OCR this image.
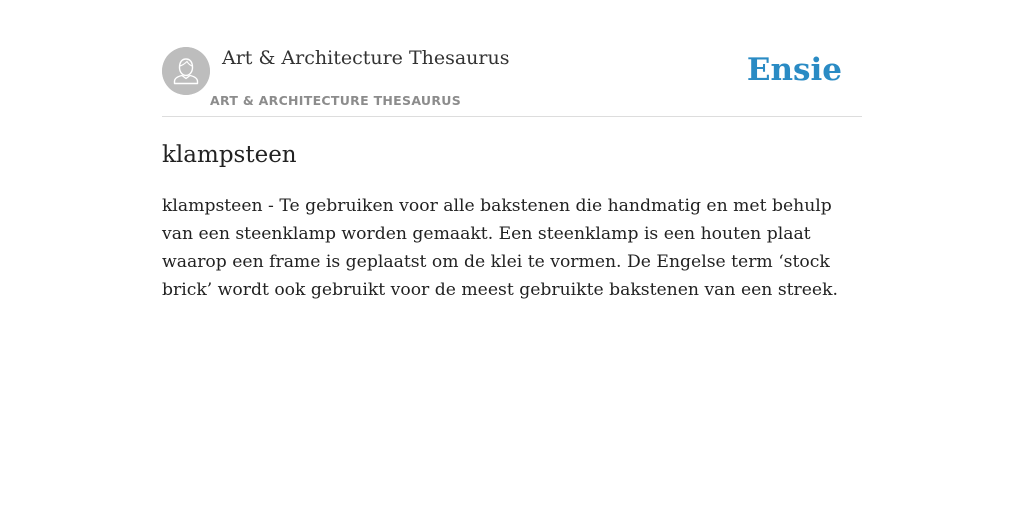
Art & Architecture Thesaurus
ART & ARCHITECTURE THESAURUS
Ensie
klampsteen

klampsteen - Te gebruiken voor alle bakstenen die handmatig en met behulp van een steenklamp worden gemaakt. Een steenklamp is een houten plaat waarop een frame is geplaatst om de klei te vormen. De Engelse term ‘stock brick’ wordt ook gebruikt voor de meest gebruikte bakstenen van een streek.
